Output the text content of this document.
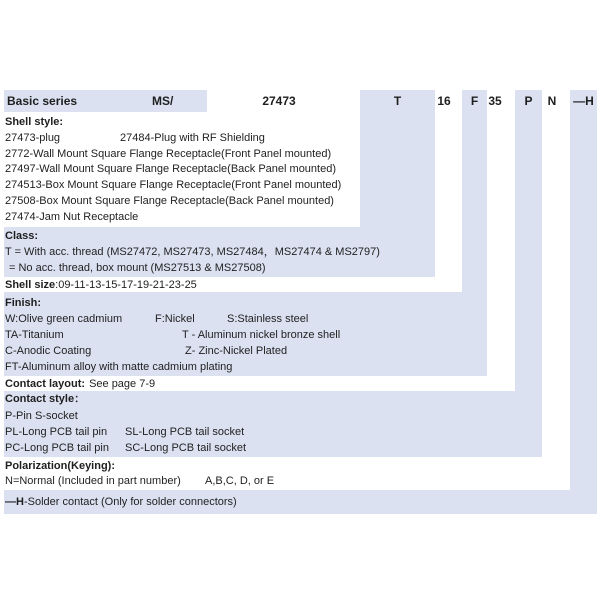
Basic series	MS/	27473	T	16	F 35	P	N	—H
Shell style:
27473-plug	27484-Plug with RF Shielding
2772-Wall Mount Square Flange Receptacle(Front Panel mounted)
27497-Wall Mount Square Flange Receptacle(Back Panel mounted)
274513-Box Mount Square Flange Receptacle(Front Panel mounted)
27508-Box Mount Square Flange Receptacle(Back Panel mounted)
27474-Jam Nut Receptacle
Class:
T = With acc. thread (MS27472, MS27473, MS27484，MS27474 & MS2797)
= No acc. thread, box mount (MS27513 & MS27508)
Shell size:09-11-13-15-17-19-21-23-25
Finish:
W:Olive green cadmium	F:Nickel	S:Stainless steel
TA-Titanium	T - Aluminum nickel bronze shell
C-Anodic Coating	Z- Zinc-Nickel Plated
FT-Aluminum alloy with matte cadmium plating
Contact layout: See page 7-9
Contact style：
P-Pin S-socket
PL-Long PCB tail pin SL-Long PCB tail socket
PC-Long PCB tail pin SC-Long PCB tail socket
Polarization(Keying):
N=Normal (Included in part number) A,B,C, D, or E
—H-Solder contact (Only for solder connectors)
